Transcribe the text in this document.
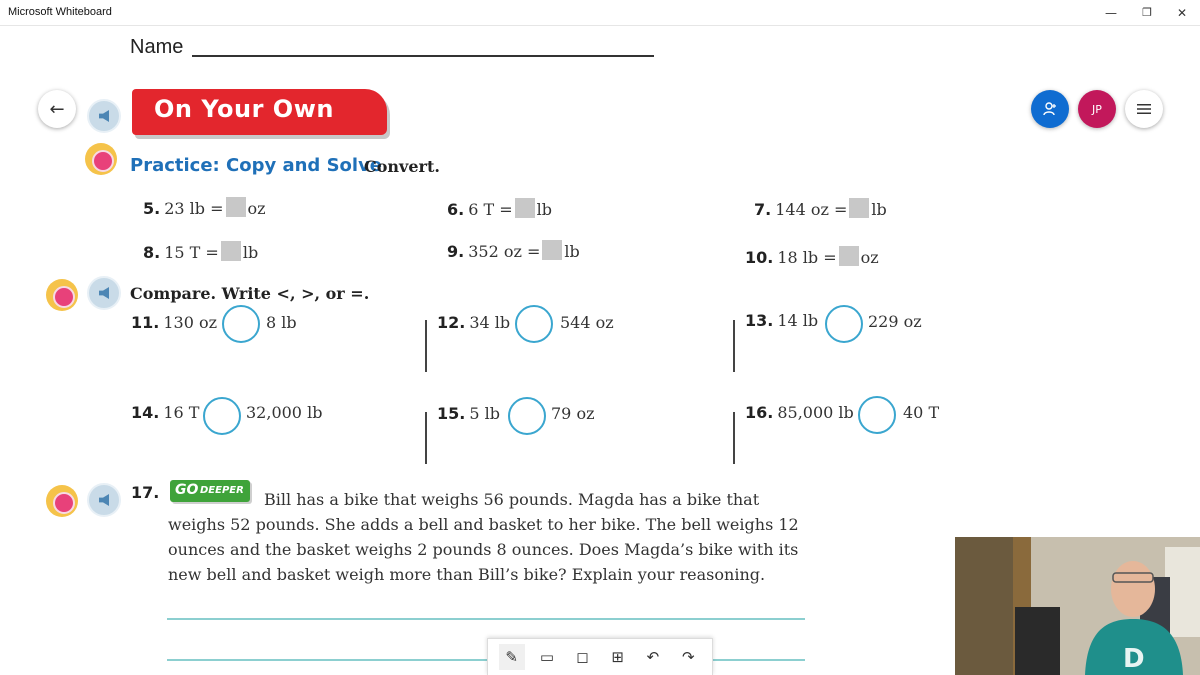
Microsoft Whiteboard	—	❐	✕
←	JP
Name
On Your Own
Practice: Copy and Solve
Convert.
5. 23 lb = oz	6. 6 T = lb	7. 144 oz = lb
8. 15 T = lb	9. 352 oz = lb	10. 18 lb = oz
Compare. Write <, >, or =.
11. 130 oz	8 lb	12. 34 lb	544 oz	13. 14 lb	229 oz
14. 16 T	32,000 lb	15. 5 lb	79 oz	16. 85,000 lb	40 T
17.	Bill has a bike that weighs 56 pounds. Magda has a bike that weighs 52 pounds. She adds a bell and basket to her bike. The bell weighs 12 ounces and the basket weighs 2 pounds 8 ounces. Does Magda’s bike with its new bell and basket weigh more than Bill’s bike? Explain your reasoning.
GO DEEPER
✎ ▭ ◻ ⊞ ↶ ↷	D
